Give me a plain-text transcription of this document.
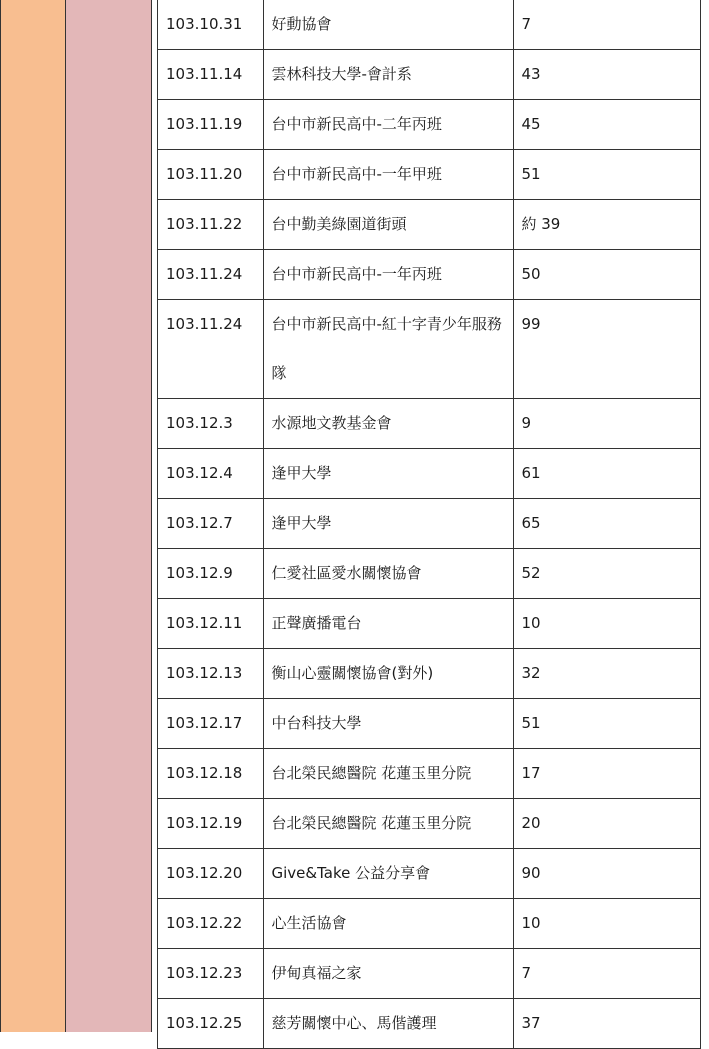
103.10.31	好動協會	7
103.11.14	雲林科技大學-會計系	43
103.11.19	台中市新民高中-二年丙班	45
103.11.20	台中市新民高中-一年甲班	51
103.11.22	台中勤美綠園道街頭	約 39
103.11.24	台中市新民高中-一年丙班	50
103.11.24	台中市新民高中-紅十字青少年服務隊	99
103.12.3	水源地文教基金會	9
103.12.4	逢甲大學	61
103.12.7	逢甲大學	65
103.12.9	仁愛社區愛水關懷協會	52
103.12.11	正聲廣播電台	10
103.12.13	衡山心靈關懷協會(對外)	32
103.12.17	中台科技大學	51
103.12.18	台北榮民總醫院 花蓮玉里分院	17
103.12.19	台北榮民總醫院 花蓮玉里分院	20
103.12.20	Give&Take 公益分享會	90
103.12.22	心生活協會	10
103.12.23	伊甸真福之家	7
103.12.25	慈芳關懷中心、馬偕護理	37
